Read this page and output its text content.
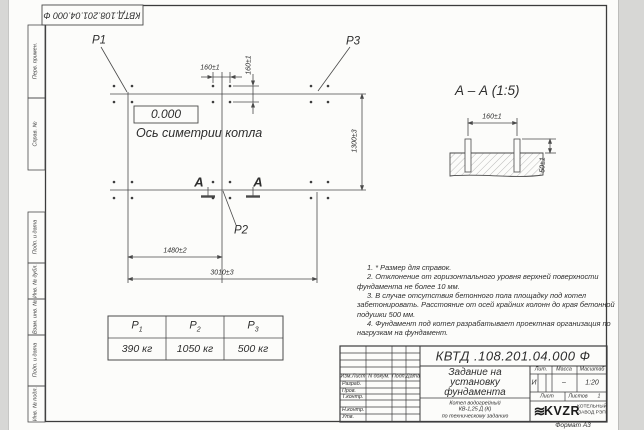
КВТД.108.201.04.000 Ф
Перв. примен.
Справ. №
Подп. и дата
Инв. № дубл.
Взам. инв. №
Подп. и дата
Инв. № подл.
P1	P3
P2
0.000
Ось симетрии котла
А	А
160±1	160±1
1480±2
3010±3
1300±3
А – А (1:5)
160±1
50±1

1. * Размер для справок.

2. Отклонение от горизонтального уровня верхней поверхности фундамента не более 10 мм.

3. В случае отсутствия бетонного пола площадку под котел забетонировать. Расстояние от осей крайних колонн до края бетонной подушки 500 мм.

4. Фундамент под котел разрабатывает проектная организация по нагрузкам на фундамент.

$P_1$	$P_2$	$P_3$
390 кг 1050 кг 500 кг	КВТД .108.201.04.000 Ф
Изм.Лист N докум. Подп. Дата
Разраб.
Пров.
Т.контр.
Н.контр.
Утв.
Задание на
установку
фундамента
Котел водогрейный
КВ-1,25 Д (К)
по техническому заданию
Лит. Масса Масштаб
И	–	1:20
Лист	Листов 1
≋ KVZR
КОТЕЛЬНЫЙ
ЗАВОД РЭП
Формат А3
